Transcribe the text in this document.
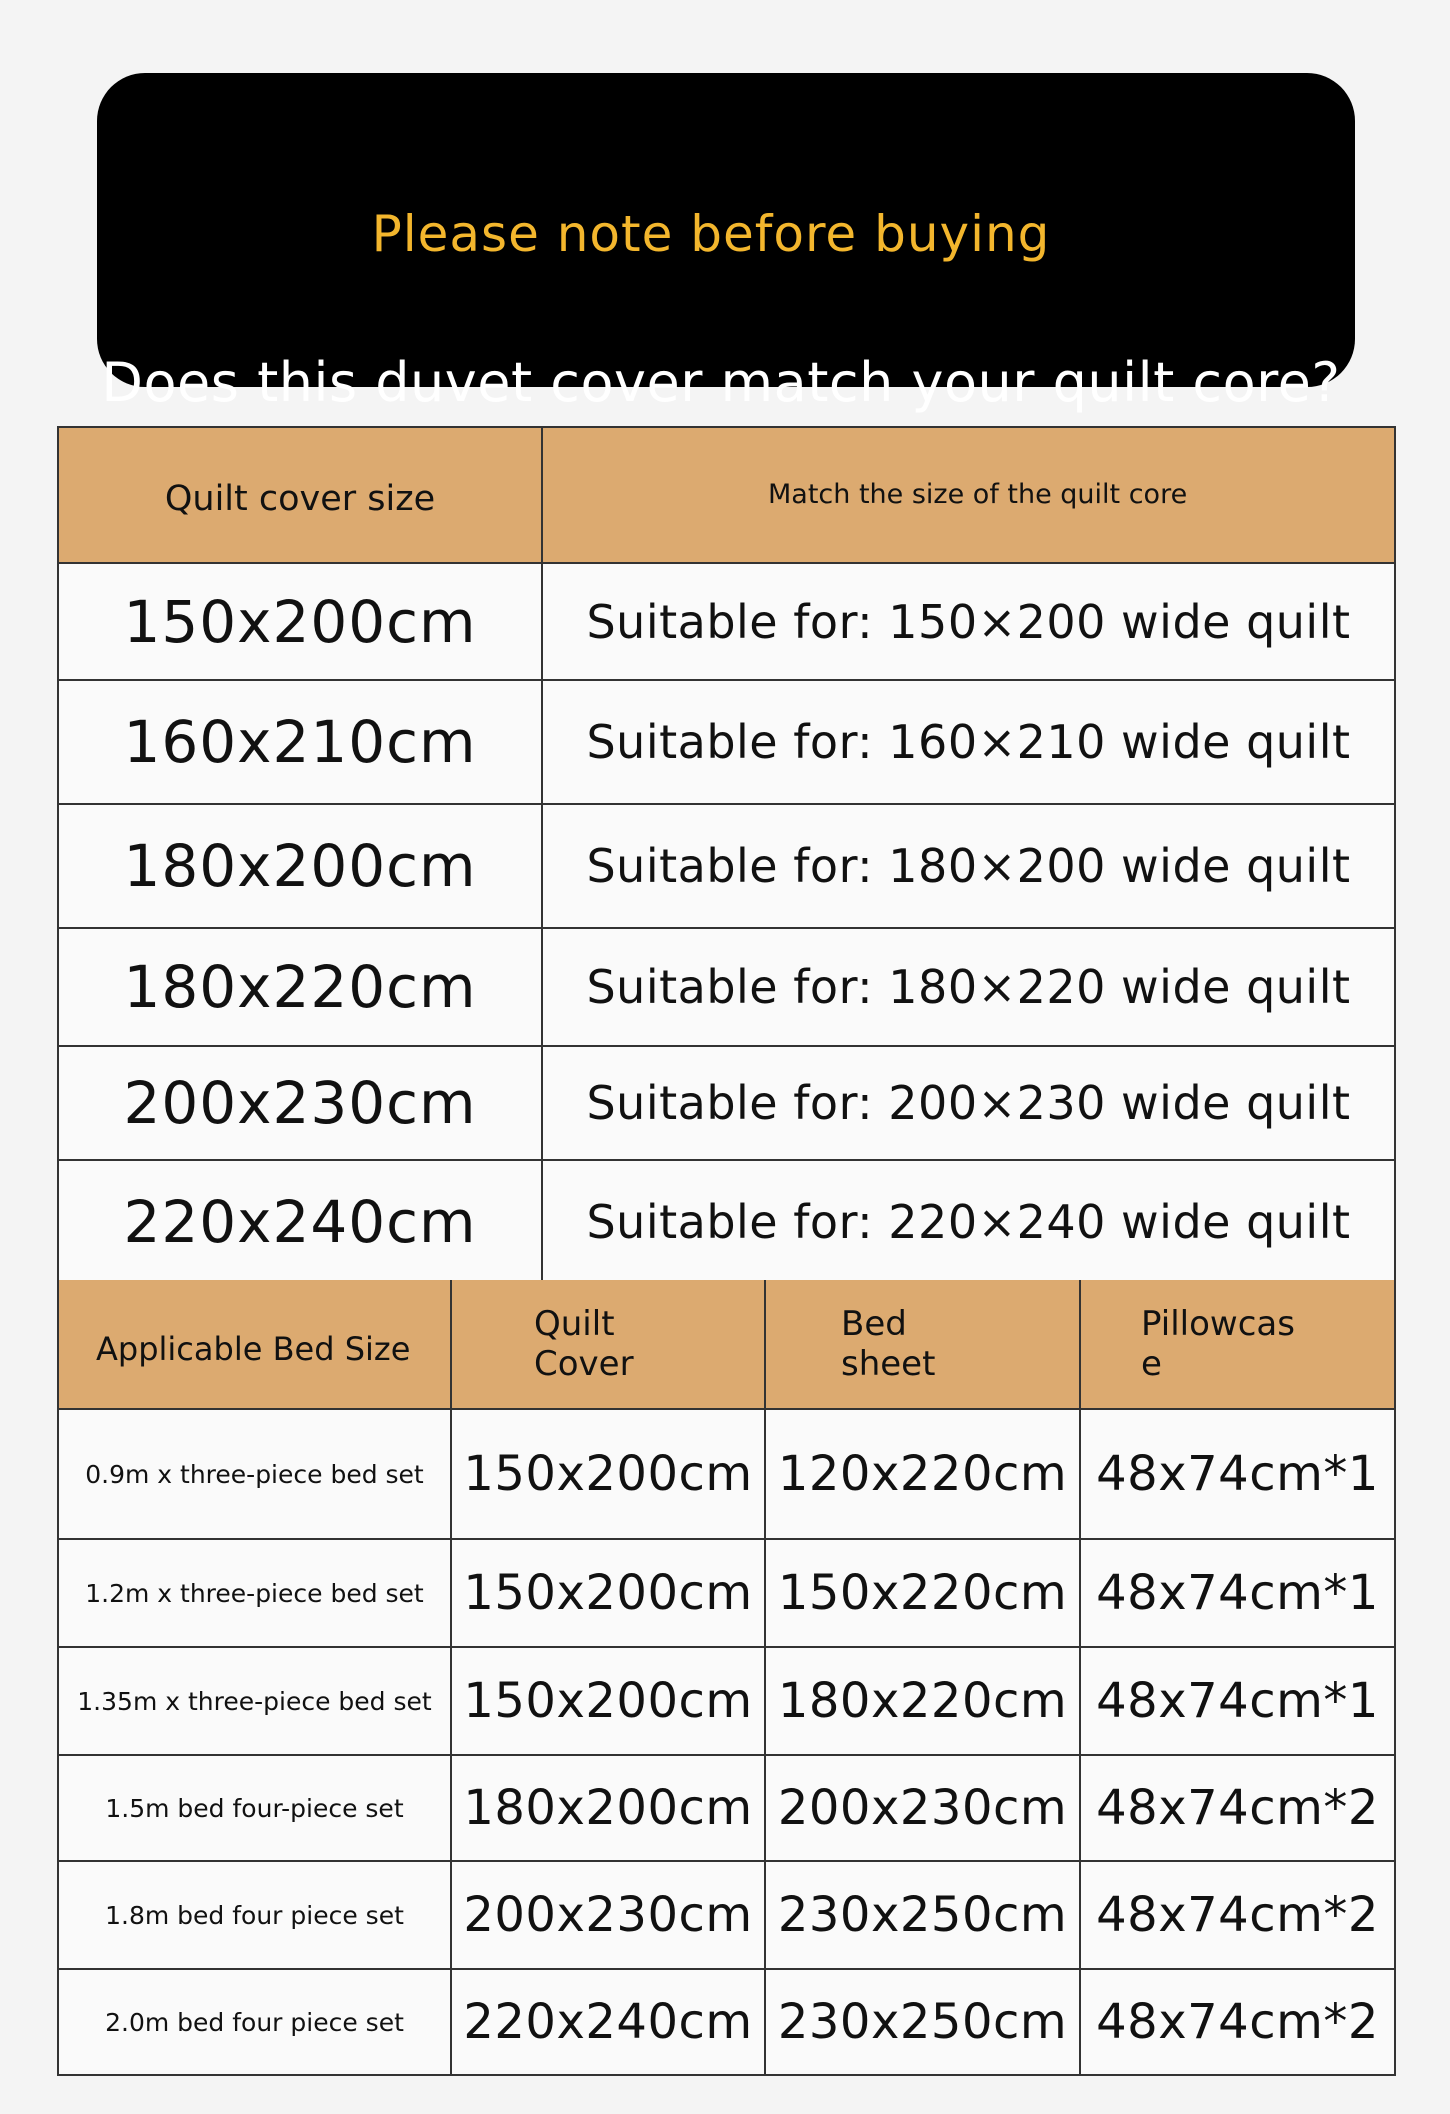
Please note before buying
Does this duvet cover match your quilt core?
Quilt cover size	Match the size of the quilt core
150x200cm	Suitable for: 150×200 wide quilt
160x210cm	Suitable for: 160×210 wide quilt
180x200cm	Suitable for: 180×200 wide quilt
180x220cm	Suitable for: 180×220 wide quilt
200x230cm	Suitable for: 200×230 wide quilt
220x240cm	Suitable for: 220×240 wide quilt
Applicable Bed Size	Quilt Cover	Bed sheet	Pillowcase
0.9m x three-piece bed set	150x200cm	120x220cm	48x74cm*1
1.2m x three-piece bed set	150x200cm	150x220cm	48x74cm*1
1.35m x three-piece bed set	150x200cm	180x220cm	48x74cm*1
1.5m bed four-piece set	180x200cm	200x230cm	48x74cm*2
1.8m bed four piece set	200x230cm	230x250cm	48x74cm*2
2.0m bed four piece set	220x240cm	230x250cm	48x74cm*2
